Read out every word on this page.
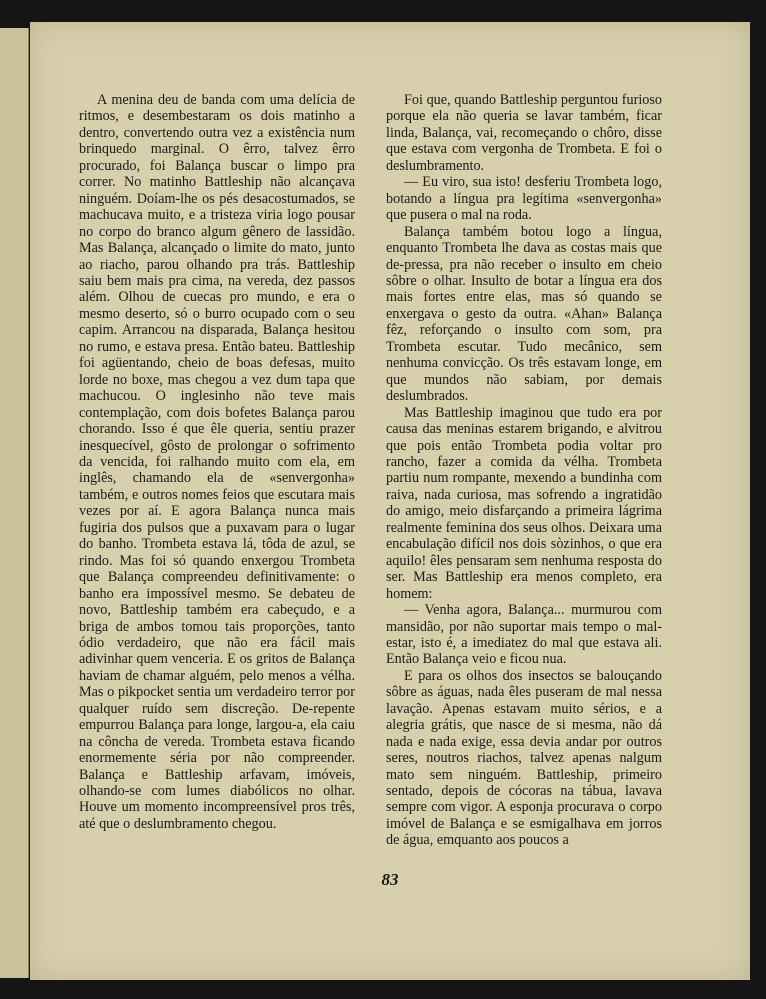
A menina deu de banda com uma delícia de ritmos, e desembestaram os dois matinho a dentro, convertendo outra vez a existência num brinquedo marginal. O êrro, talvez êrro procurado, foi Balança buscar o limpo pra correr. No matinho Battleship não alcançava ninguém. Doíam-lhe os pés desacostumados, se machucava muito, e a tristeza viria logo pousar no corpo do branco algum gênero de lassidão. Mas Balança, alcançado o limite do mato, junto ao riacho, parou olhando pra trás. Battleship saiu bem mais pra cima, na vereda, dez passos além. Olhou de cuecas pro mundo, e era o mesmo deserto, só o burro ocupado com o seu capim. Arrancou na disparada, Balança hesitou no rumo, e estava presa. Então bateu. Battleship foi agüentando, cheio de boas defesas, muito lorde no boxe, mas chegou a vez dum tapa que machucou. O inglesinho não teve mais contemplação, com dois bofetes Balança parou chorando. Isso é que êle queria, sentiu prazer inesquecível, gôsto de prolongar o sofrimento da vencida, foi ralhando muito com ela, em inglês, chamando ela de «senvergonha» também, e outros nomes feios que escutara mais vezes por aí. E agora Balança nunca mais fugiria dos pulsos que a puxavam para o lugar do banho. Trombeta estava lá, tôda de azul, se rindo. Mas foi só quando enxergou Trombeta que Balança compreendeu definitivamente: o banho era impossível mesmo. Se debateu de novo, Battleship também era cabeçudo, e a briga de ambos tomou tais proporções, tanto ódio verdadeiro, que não era fácil mais adivinhar quem venceria. E os gritos de Balança haviam de chamar alguém, pelo menos a vélha. Mas o pikpocket sentia um verdadeiro terror por qualquer ruído sem discreção. De-repente empurrou Balança para longe, largou-a, ela caiu na côncha de vereda. Trombeta estava ficando enormemente séria por não compreender. Balança e Battleship arfavam, imóveis, olhando-se com lumes diabólicos no olhar. Houve um momento incompreensível pros três, até que o deslumbramento chegou.

Foi que, quando Battleship perguntou furioso porque ela não queria se lavar também, ficar linda, Balança, vai, recomeçando o chôro, disse que estava com vergonha de Trombeta. E foi o deslumbramento.

— Eu viro, sua isto! desferiu Trombeta logo, botando a língua pra legítima «senvergonha» que pusera o mal na roda.

Balança também botou logo a língua, enquanto Trombeta lhe dava as costas mais que de-pressa, pra não receber o insulto em cheio sôbre o olhar. Insulto de botar a língua era dos mais fortes entre elas, mas só quando se enxergava o gesto da outra. «Ahan» Balança fêz, reforçando o insulto com som, pra Trombeta escutar. Tudo mecânico, sem nenhuma convicção. Os três estavam longe, em que mundos não sabiam, por demais deslumbrados.

Mas Battleship imaginou que tudo era por causa das meninas estarem brigando, e alvitrou que pois então Trombeta podia voltar pro rancho, fazer a comida da vélha. Trombeta partiu num rompante, mexendo a bundinha com raiva, nada curiosa, mas sofrendo a ingratidão do amigo, meio disfarçando a primeira lágrima realmente feminina dos seus olhos. Deixara uma encabulação difícil nos dois sòzinhos, o que era aquilo! êles pensaram sem nenhuma resposta do ser. Mas Battleship era menos completo, era homem:

— Venha agora, Balança... murmurou com mansidão, por não suportar mais tempo o mal-estar, isto é, a imediatez do mal que estava ali. Então Balança veio e ficou nua.

E para os olhos dos insectos se balouçando sôbre as águas, nada êles puseram de mal nessa lavação. Apenas estavam muito sérios, e a alegria grátis, que nasce de si mesma, não dá nada e nada exige, essa devia andar por outros seres, noutros riachos, talvez apenas nalgum mato sem ninguém. Battleship, primeiro sentado, depois de cócoras na tábua, lavava sempre com vigor. A esponja procurava o corpo imóvel de Balança e se esmigalhava em jorros de água, emquanto aos poucos a

83
